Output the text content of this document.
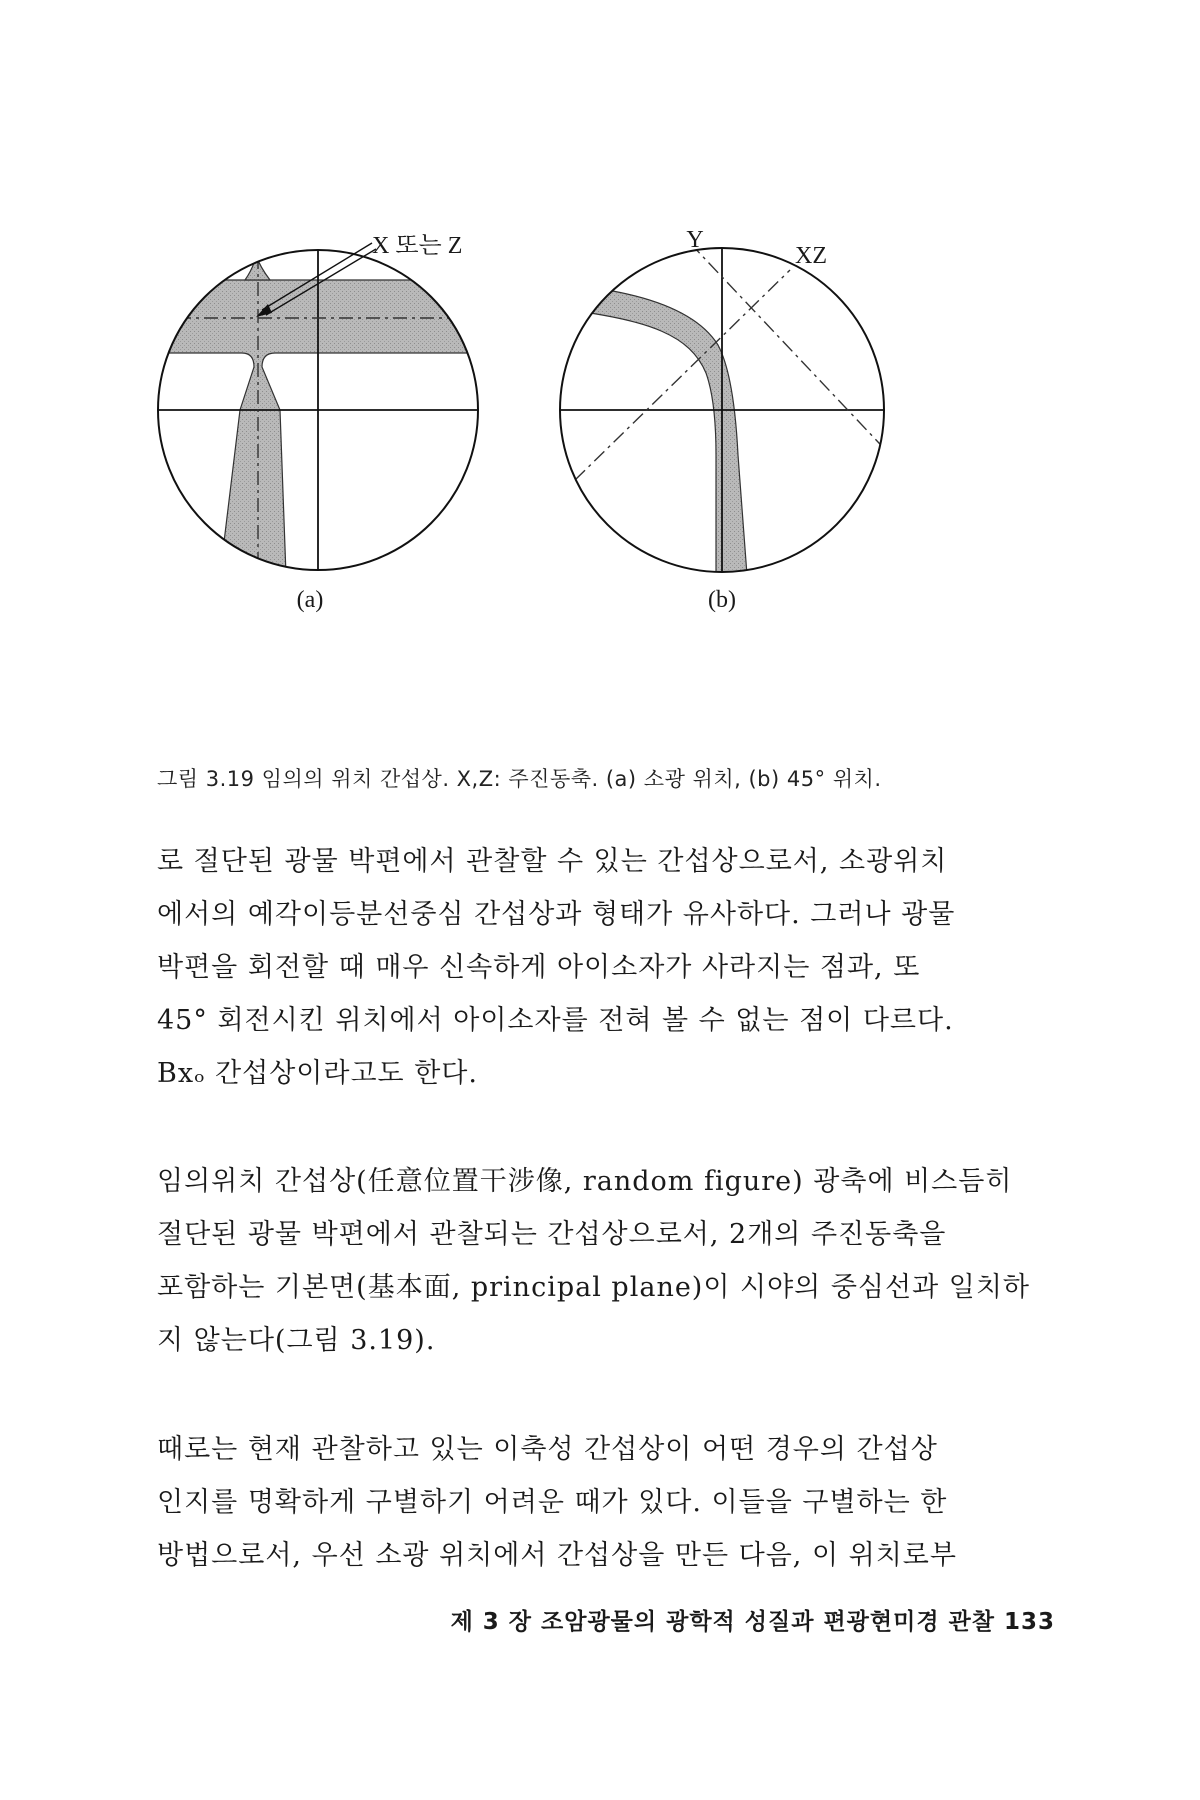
X 또는 Z
(a)
Y
XZ
(b)
그림 3.19 임의의 위치 간섭상. X,Z: 주진동축. (a) 소광 위치, (b) 45° 위치.

로 절단된 광물 박편에서 관찰할 수 있는 간섭상으로서, 소광위치
에서의 예각이등분선중심 간섭상과 형태가 유사하다. 그러나 광물
박편을 회전할 때 매우 신속하게 아이소자가 사라지는 점과, 또
45° 회전시킨 위치에서 아이소자를 전혀 볼 수 없는 점이 다르다.
Bxₒ 간섭상이라고도 한다.

임의위치 간섭상(任意位置干涉像, random figure) 광축에 비스듬히
절단된 광물 박편에서 관찰되는 간섭상으로서, 2개의 주진동축을
포함하는 기본면(基本面, principal plane)이 시야의 중심선과 일치하
지 않는다(그림 3.19).

때로는 현재 관찰하고 있는 이축성 간섭상이 어떤 경우의 간섭상
인지를 명확하게 구별하기 어려운 때가 있다. 이들을 구별하는 한
방법으로서, 우선 소광 위치에서 간섭상을 만든 다음, 이 위치로부

제 3 장 조암광물의 광학적 성질과 편광현미경 관찰 133
